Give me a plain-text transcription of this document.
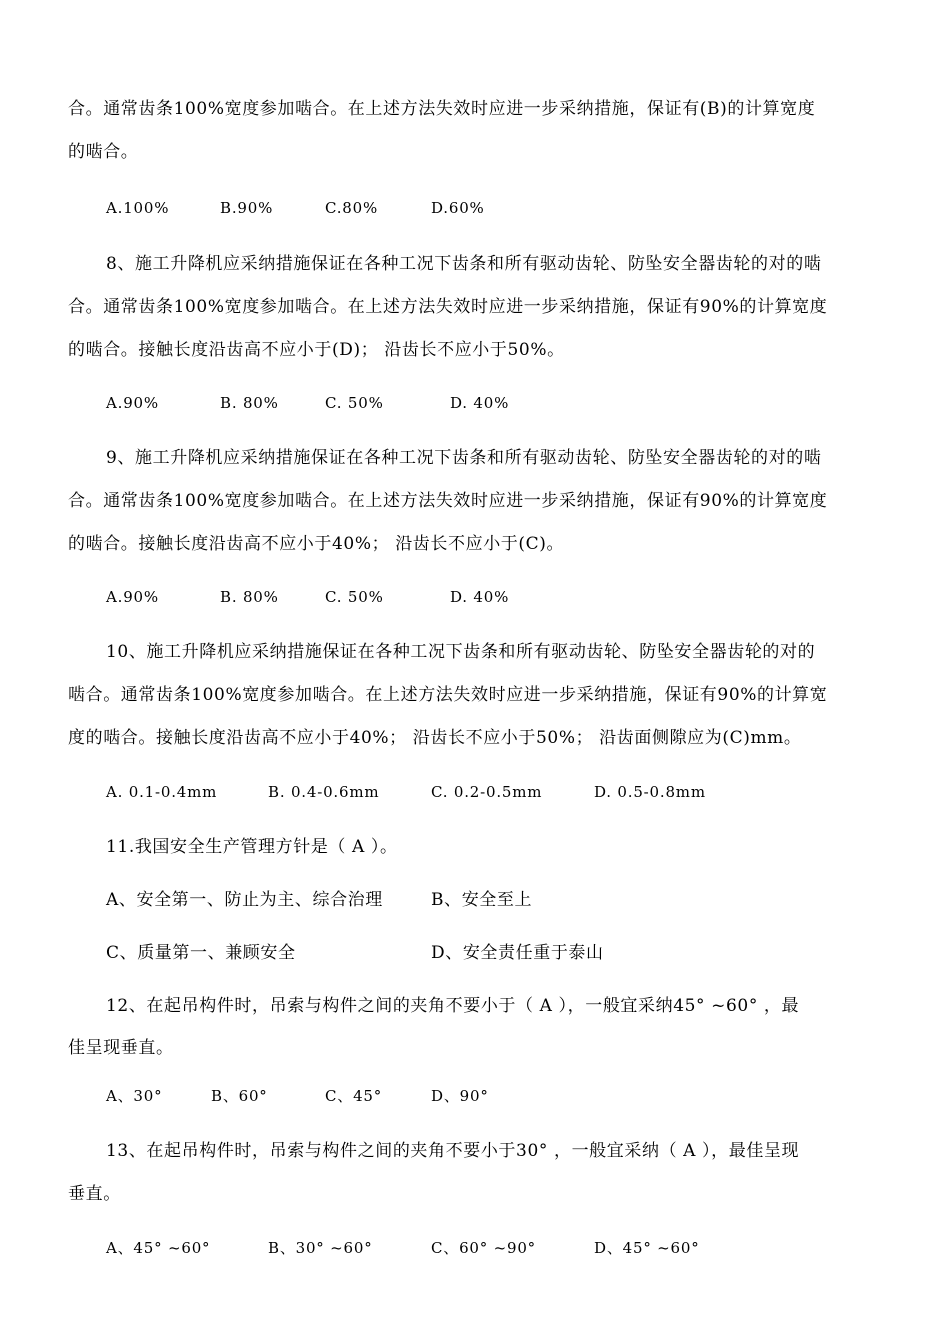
合。通常齿条100%宽度参加啮合。在上述方法失效时应进一步采纳措施，保证有(B)的计算宽度
的啮合。
A.100%	B.90%	C.80%	D.60%
8、施工升降机应采纳措施保证在各种工况下齿条和所有驱动齿轮、防坠安全器齿轮的对的啮
合。通常齿条100%宽度参加啮合。在上述方法失效时应进一步采纳措施，保证有90%的计算宽度
的啮合。接触长度沿齿高不应小于(D)； 沿齿长不应小于50%。
A.90%	B. 80%	C. 50%	D. 40%
9、施工升降机应采纳措施保证在各种工况下齿条和所有驱动齿轮、防坠安全器齿轮的对的啮
合。通常齿条100%宽度参加啮合。在上述方法失效时应进一步采纳措施，保证有90%的计算宽度
的啮合。接触长度沿齿高不应小于40%； 沿齿长不应小于(C)。
A.90%	B. 80%	C. 50%	D. 40%
10、施工升降机应采纳措施保证在各种工况下齿条和所有驱动齿轮、防坠安全器齿轮的对的
啮合。通常齿条100%宽度参加啮合。在上述方法失效时应进一步采纳措施，保证有90%的计算宽
度的啮合。接触长度沿齿高不应小于40%； 沿齿长不应小于50%； 沿齿面侧隙应为(C)mm。
A. 0.1-0.4mm	B. 0.4-0.6mm	C. 0.2-0.5mm	D. 0.5-0.8mm
11.我国安全生产管理方针是（ A ）。
A、安全第一、防止为主、综合治理	B、安全至上
C、质量第一、兼顾安全	D、安全责任重于泰山
12、在起吊构件时，吊索与构件之间的夹角不要小于（ A ），一般宜采纳45° ~60° ，最
佳呈现垂直。
A、30°	B、60°	C、45°	D、90°
13、在起吊构件时，吊索与构件之间的夹角不要小于30° ，一般宜采纳（ A ），最佳呈现
垂直。
A、45° ~60°	B、30° ~60°	C、60° ~90°	D、45° ~60°
